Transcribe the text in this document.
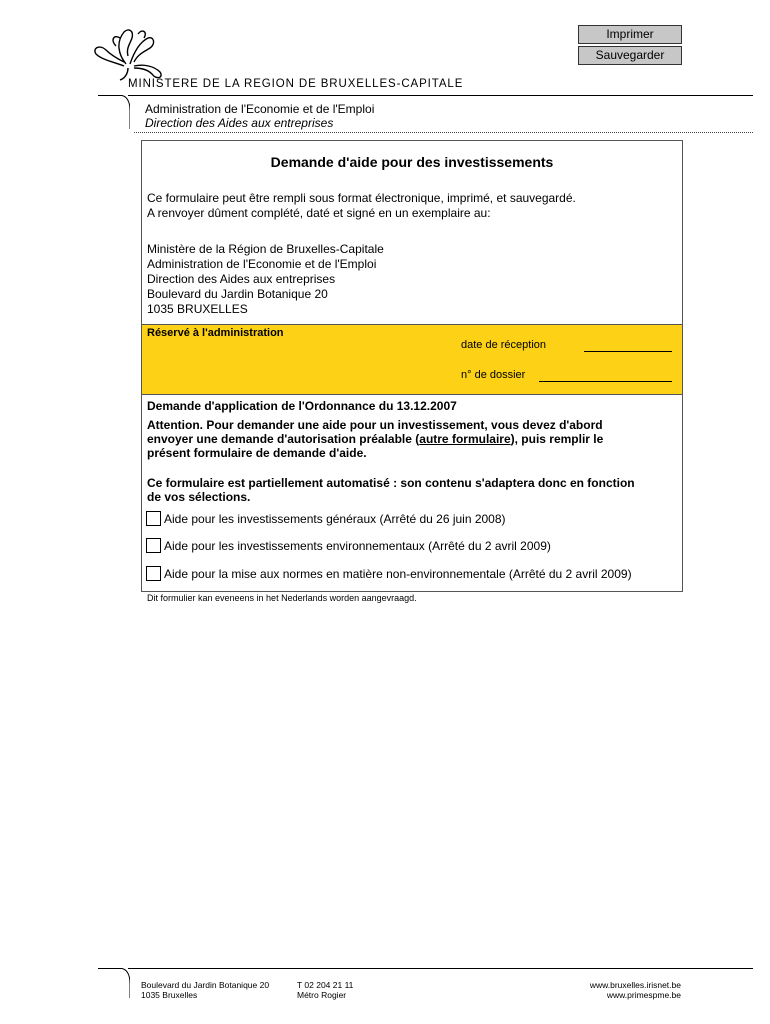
Imprimer
Sauvegarder
MINISTERE DE LA REGION DE BRUXELLES-CAPITALE
Administration de l'Economie et de l'Emploi
Direction des Aides aux entreprises
Demande d'aide pour des investissements
Ce formulaire peut être rempli sous format électronique, imprimé, et sauvegardé.
A renvoyer dûment complété, daté et signé en un exemplaire au:
Ministère de la Région de Bruxelles-Capitale
Administration de l'Economie et de l'Emploi
Direction des Aides aux entreprises
Boulevard du Jardin Botanique 20
1035 BRUXELLES
Réservé à l'administration
date de réception
n° de dossier
Demande d'application de l'Ordonnance du 13.12.2007
Attention. Pour demander une aide pour un investissement, vous devez d'abord
envoyer une demande d'autorisation préalable (autre formulaire), puis remplir le
présent formulaire de demande d'aide.
Ce formulaire est partiellement automatisé : son contenu s'adaptera donc en fonction
de vos sélections.
Aide pour les investissements généraux (Arrêté du 26 juin 2008)
Aide pour les investissements environnementaux (Arrêté du 2 avril 2009)
Aide pour la mise aux normes en matière non-environnementale (Arrêté du 2 avril 2009)
Dit formulier kan eveneens in het Nederlands worden aangevraagd.
Boulevard du Jardin Botanique 20
1035 Bruxelles
T 02 204 21 11
Métro Rogier
www.bruxelles.irisnet.be
www.primespme.be
